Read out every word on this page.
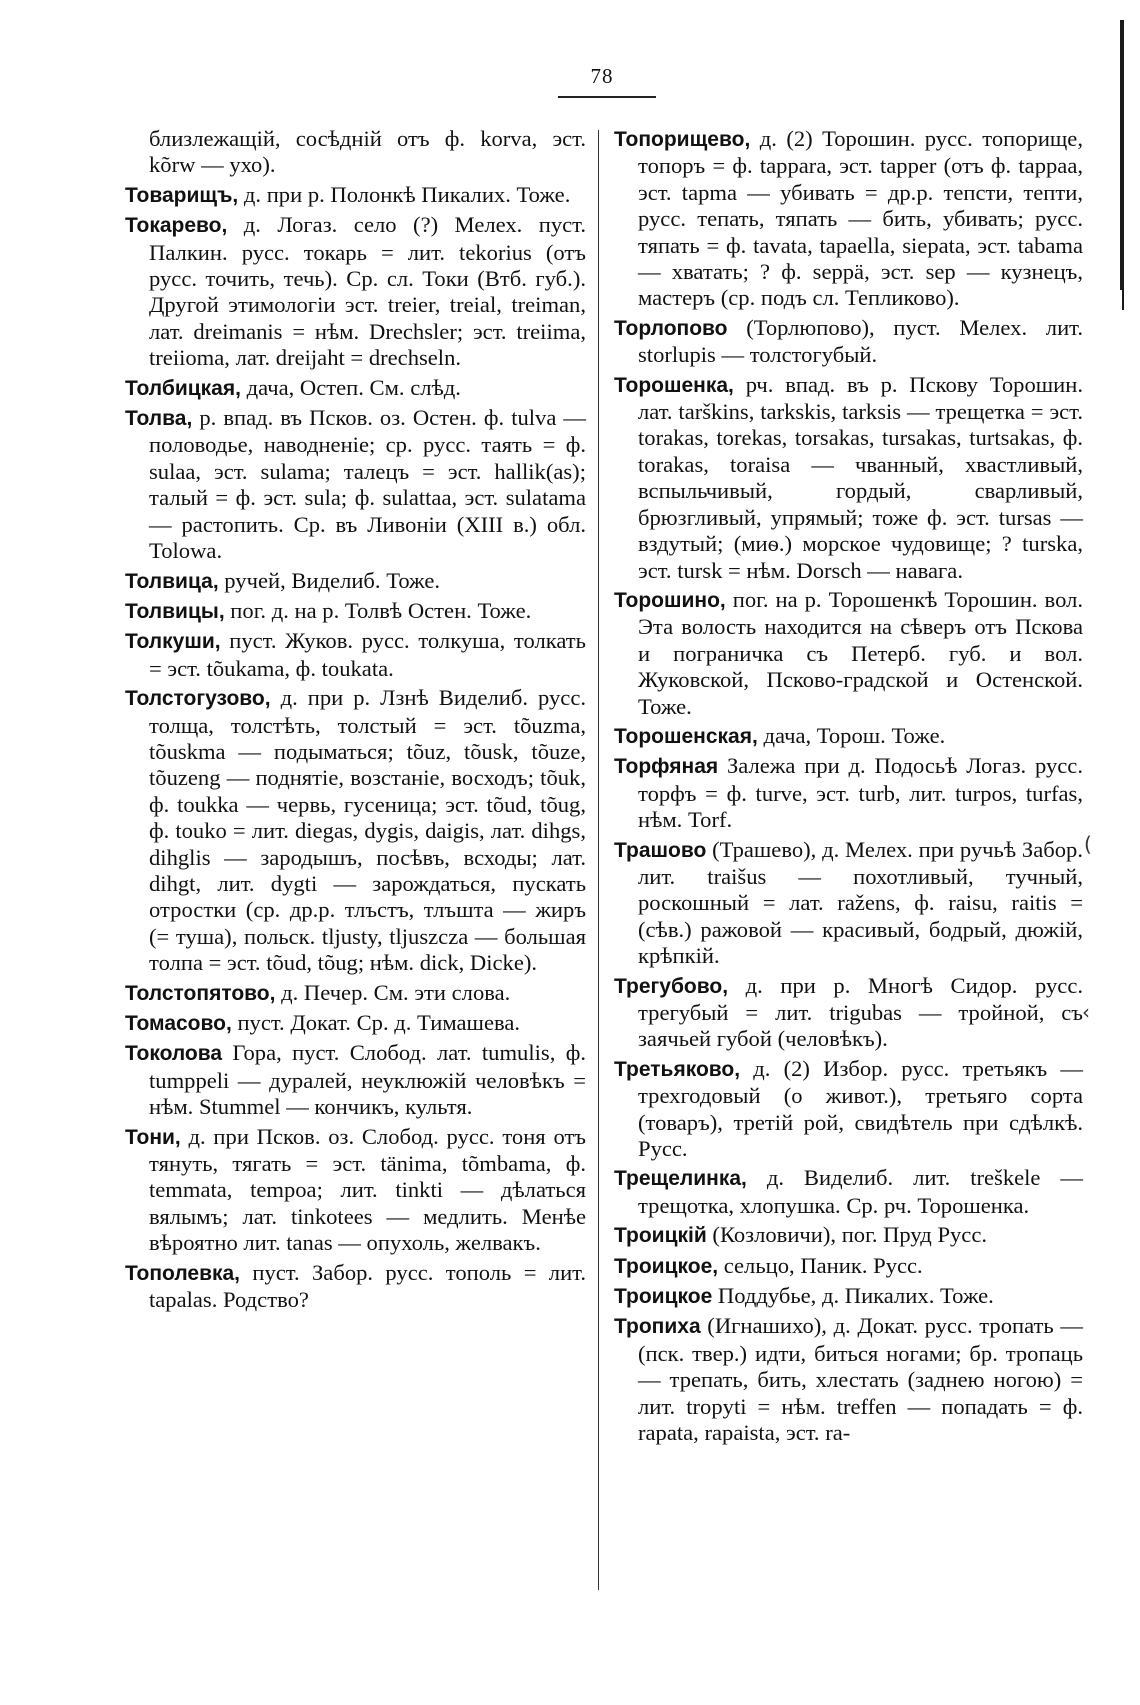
(
‹
78

близлежащій, сосѣдній отъ ф. korva, эст. kõrw — ухо).

Товарищъ, д. при р. Полонкѣ Пикалих. Тоже.

Токарево, д. Логаз. село (?) Мелех. пуст. Палкин. русс. токарь = лит. tekorius (отъ русс. точить, течь). Ср. сл. Токи (Втб. губ.). Другой этимологіи эст. treier, treial, treiman, лат. dreimanis = нѣм. Drechsler; эст. treiima, treiioma, лат. dreijaht = drechseln.

Толбицкая, дача, Остеп. См. слѣд.

Толва, р. впад. въ Псков. оз. Остен. ф. tulva — половодье, наводненіе; ср. русс. таять = ф. sulaa, эст. sulama; талецъ = эст. hallik(as); талый = ф. эст. sula; ф. sulattaa, эст. sulatama — растопить. Ср. въ Ливоніи (XIII в.) обл. Tolowa.

Толвица, ручей, Виделиб. Тоже.

Толвицы, пог. д. на р. Толвѣ Остен. Тоже.

Толкуши, пуст. Жуков. русс. толкуша, толкать = эст. tõukama, ф. toukata.

Толстогузово, д. при р. Лзнѣ Виделиб. русс. толща, толстѣть, толстый = эст. tõuzma, tõuskma — подыматься; tõuz, tõusk, tõuze, tõuzeng — поднятіе, возстаніе, восходъ; tõuk, ф. toukka — червь, гусеница; эст. tõud, tõug, ф. touko = лит. diegas, dygis, daigis, лат. dihgs, dihglis — зародышъ, посѣвъ, всходы; лат. dihgt, лит. dygti — зарождаться, пускать отростки (ср. др.р. тлъстъ, тлъшта — жиръ (= туша), польск. tljusty, tljuszcza — большая толпа = эст. tõud, tõug; нѣм. dick, Dicke).

Толстопятово, д. Печер. См. эти слова.

Томасово, пуст. Докат. Ср. д. Тимашева.

Токолова Гора, пуст. Слобод. лат. tumulis, ф. tumppeli — дуралей, неуклюжій человѣкъ = нѣм. Stummel — кончикъ, культя.

Тони, д. при Псков. оз. Слобод. русс. тоня отъ тянуть, тягать = эст. tänima, tõmbama, ф. temmata, tempoa; лит. tinkti — дѣлаться вялымъ; лат. tinkotees — медлить. Менѣе вѣроятно лит. tanas — опухоль, желвакъ.

Тополевка, пуст. Забор. русс. тополь = лит. tapalas. Родство?

Топорищево, д. (2) Торошин. русс. топорище, топоръ = ф. tapparа, эст. tapper (отъ ф. tappaa, эст. tapma — убивать = др.р. тепсти, тепти, русс. тепать, тяпать — бить, убивать; русс. тяпать = ф. tavata, tapaella, siepata, эст. tabama — хватать; ? ф. seppä, эст. sep — кузнецъ, мастеръ (ср. подъ сл. Тепликово).

Торлопово (Торлюпово), пуст. Мелех. лит. storlupis — толстогубый.

Торошенка, рч. впад. въ р. Пскову Торошин. лат. tarškins, tarkskis, tarksis — трещетка = эст. torakas, torekas, torsakas, tursakas, turtsakas, ф. torakas, toraisa — чванный, хвастливый, вспыльчивый, гордый, сварливый, брюзгливый, упрямый; тоже ф. эст. tursas — вздутый; (миѳ.) морское чудовище; ? turska, эст. tursk = нѣм. Dorsch — навага.

Торошино, пог. на р. Торошенкѣ Торошин. вол. Эта волость находится на сѣверъ отъ Пскова и пограничка съ Петерб. губ. и вол. Жуковской, Псково-градской и Остенской. Тоже.

Торошенская, дача, Торош. Тоже.

Торфяная Залежа при д. Подосьѣ Логаз. русс. торфъ = ф. turve, эст. turb, лит. turpos, turfas, нѣм. Torf.

Трашово (Трашево), д. Мелех. при ручьѣ Забор. лит. traišus — похотливый, тучный, роскошный = лат. ražens, ф. raisu, raitis = (сѣв.) ражовой — красивый, бодрый, дюжій, крѣпкій.

Трегубово, д. при р. Многѣ Сидор. русс. трегубый = лит. trigubas — тройной, съ заячьей губой (человѣкъ).

Третьяково, д. (2) Избор. русс. третьякъ — трехгодовый (о живот.), третьяго сорта (товаръ), третій рой, свидѣтель при сдѣлкѣ. Русс.

Трещелинка, д. Виделиб. лит. treškele — трещотка, хлопушка. Ср. рч. Торошенка.

Троицкій (Козловичи), пог. Пруд Русс.

Троицкое, сельцо, Паник. Русс.

Троицкое Поддубье, д. Пикалих. Тоже.

Тропиха (Игнашихо), д. Докат. русс. тропать — (пск. твер.) идти, биться ногами; бр. тропаць — трепать, бить, хлестать (заднею ногою) = лит. tropyti = нѣм. treffen — попадать = ф. rapata, rapaista, эст. ra-
